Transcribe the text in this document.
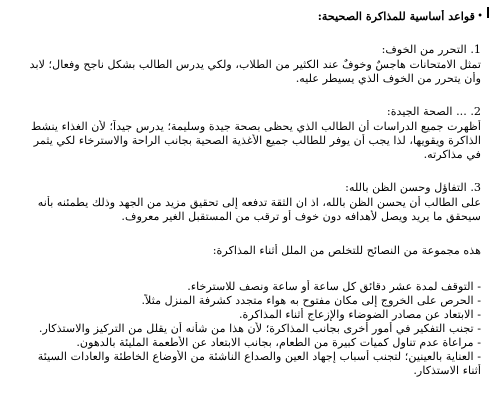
قواعد أساسية للمذاكرة الصحيحة: •
1. التحرر من الخوف:
تمثل الامتحانات هاجسٌ وخوفٌ عند الكثير من الطلاب، ولكي يدرس الطالب بشكل ناجح وفعال؛ لابد
وأن يتحرر من الخوف الذي يسيطر عليه.
2. ... الصحة الجيدة:
أظهرت جميع الدراسات أن الطالب الذي يحظى بصحة جيدة وسليمة؛ يدرس جيداً؛ لأن الغذاء ينشط
الذاكرة ويقويها، لذا يجب أن يوفر للطالب جميع الأغذية الصحية بجانب الراحة والاسترخاء لكي يثمر
في مذاكرته.
3. التفاؤل وحسن الظن بالله:
على الطالب أن يحسن الظن بالله، اذ ان الثقة تدفعه إلى تحقيق مزيد من الجهد وذلك يطمئنه بأنه
سيحقق ما يريد ويصل لأهدافه دون خوف أو ترقب من المستقبل الغير معروف.
هذه مجموعة من النصائح للتخلص من الملل أثناء المذاكرة:
- التوقف لمدة عشر دقائق كل ساعة أو ساعة ونصف للاسترخاء.
- الحرص على الخروج إلى مكان مفتوح به هواء متجدد كشرفة المنزل مثلاً.
- الابتعاد عن مصادر الضوضاء والإزعاج أثناء المذاكرة.
- تجنب التفكير في أمور أخرى بجانب المذاكرة؛ لأن هذا من شأنه أن يقلل من التركيز والاستذكار.
- مراعاة عدم تناول كميات كبيرة من الطعام، بجانب الابتعاد عن الأطعمة المليئة بالدهون.
- العناية بالعينين؛ لتجنب أسباب إجهاد العين والصداع الناشئة من الأوضاع الخاطئة والعادات السيئة
أثناء الاستذكار.
